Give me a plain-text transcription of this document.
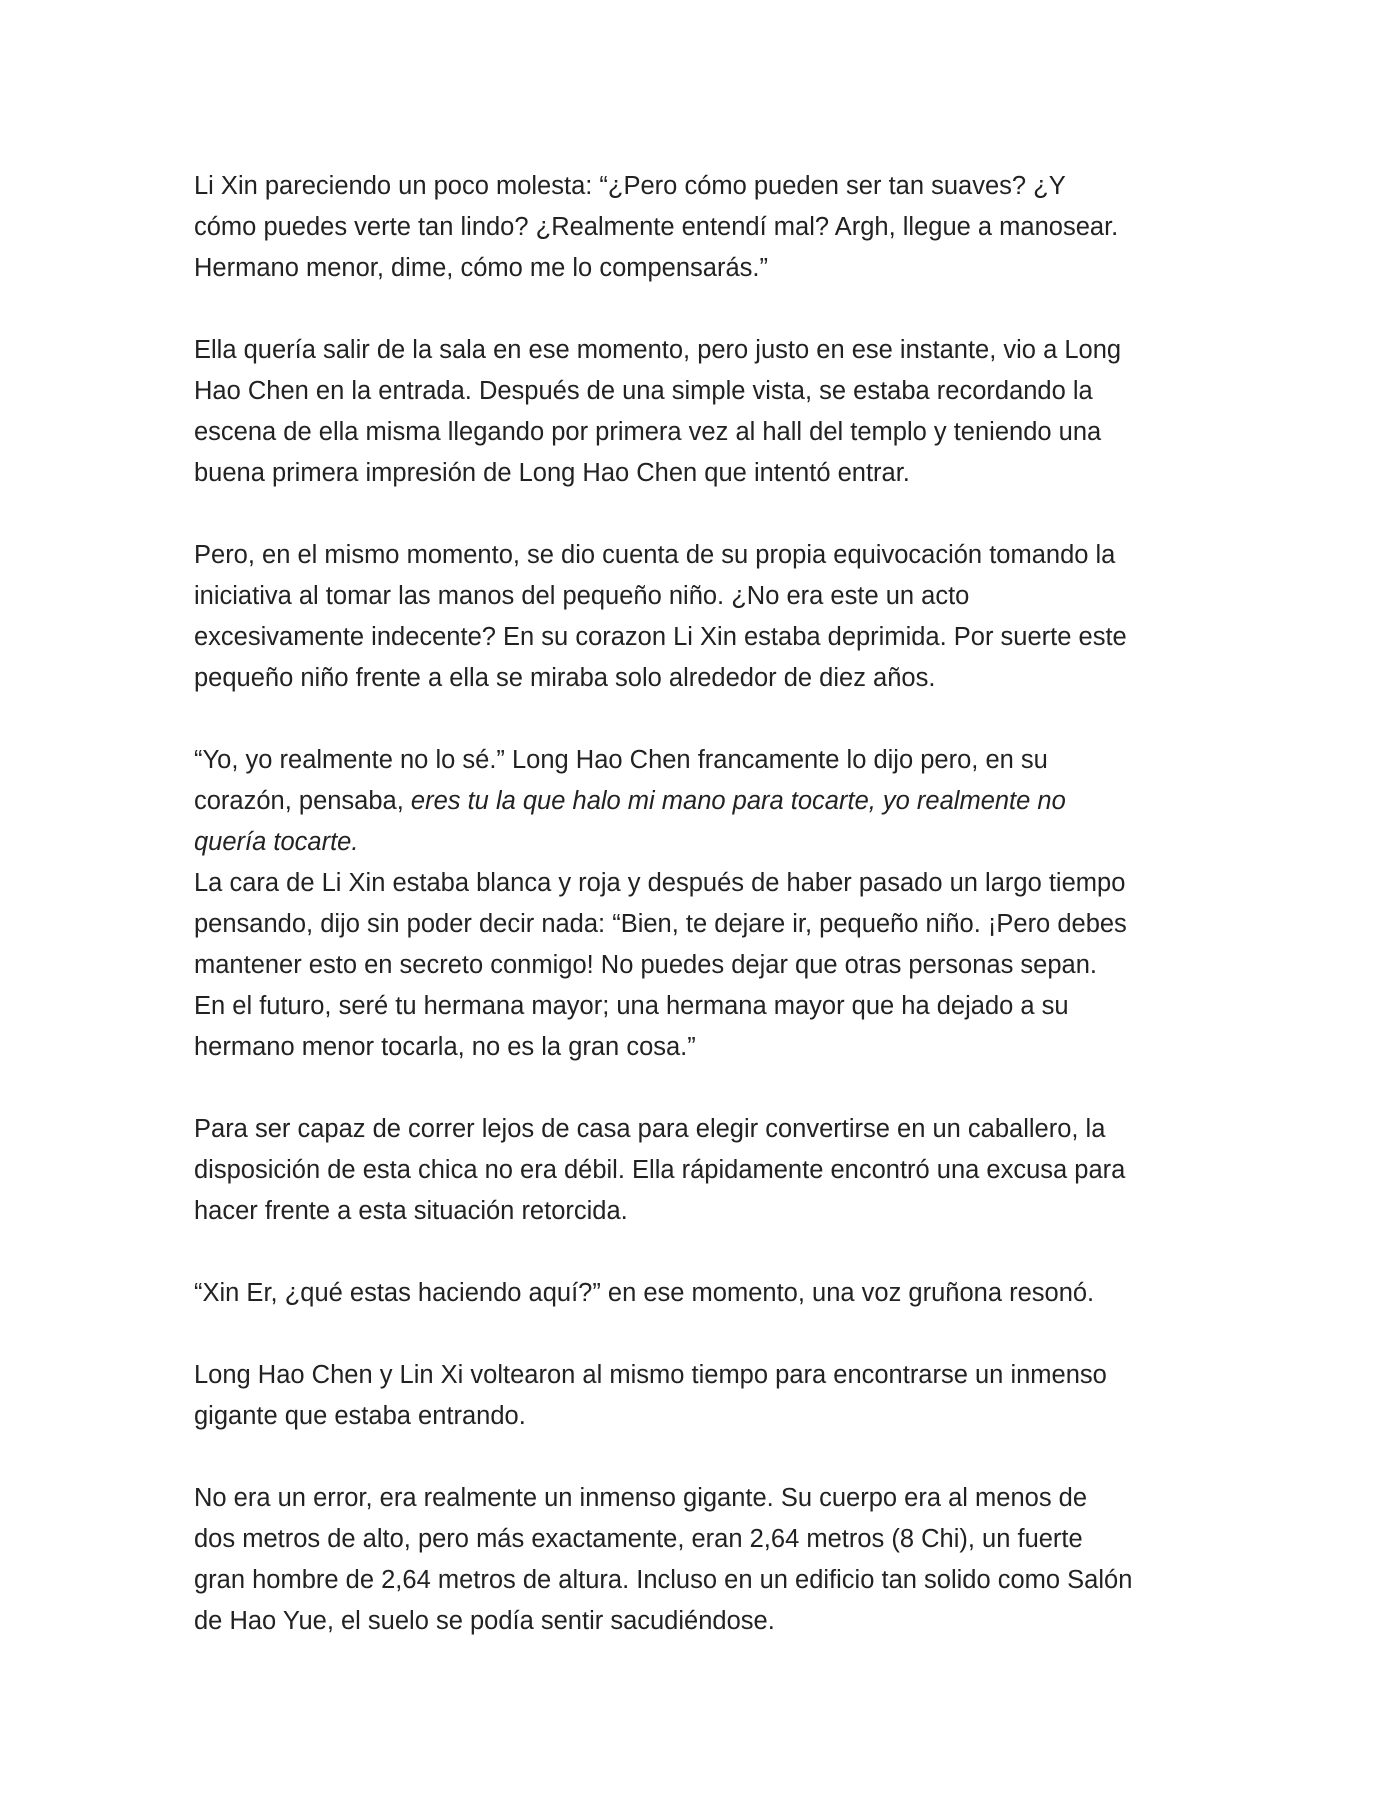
Li Xin pareciendo un poco molesta: “¿Pero cómo pueden ser tan suaves? ¿Y
cómo puedes verte tan lindo? ¿Realmente entendí mal? Argh, llegue a manosear.
Hermano menor, dime, cómo me lo compensarás.”

Ella quería salir de la sala en ese momento, pero justo en ese instante, vio a Long
Hao Chen en la entrada. Después de una simple vista, se estaba recordando la
escena de ella misma llegando por primera vez al hall del templo y teniendo una
buena primera impresión de Long Hao Chen que intentó entrar.

Pero, en el mismo momento, se dio cuenta de su propia equivocación tomando la
iniciativa al tomar las manos del pequeño niño. ¿No era este un acto
excesivamente indecente? En su corazon Li Xin estaba deprimida. Por suerte este
pequeño niño frente a ella se miraba solo alrededor de diez años.

“Yo, yo realmente no lo sé.” Long Hao Chen francamente lo dijo pero, en su
corazón, pensaba, eres tu la que halo mi mano para tocarte, yo realmente no
quería tocarte.

La cara de Li Xin estaba blanca y roja y después de haber pasado un largo tiempo
pensando, dijo sin poder decir nada: “Bien, te dejare ir, pequeño niño. ¡Pero debes
mantener esto en secreto conmigo! No puedes dejar que otras personas sepan.
En el futuro, seré tu hermana mayor; una hermana mayor que ha dejado a su
hermano menor tocarla, no es la gran cosa.”

Para ser capaz de correr lejos de casa para elegir convertirse en un caballero, la
disposición de esta chica no era débil. Ella rápidamente encontró una excusa para
hacer frente a esta situación retorcida.

“Xin Er, ¿qué estas haciendo aquí?” en ese momento, una voz gruñona resonó.

Long Hao Chen y Lin Xi voltearon al mismo tiempo para encontrarse un inmenso
gigante que estaba entrando.

No era un error, era realmente un inmenso gigante. Su cuerpo era al menos de
dos metros de alto, pero más exactamente, eran 2,64 metros (8 Chi), un fuerte
gran hombre de 2,64 metros de altura. Incluso en un edificio tan solido como Salón
de Hao Yue, el suelo se podía sentir sacudiéndose.
